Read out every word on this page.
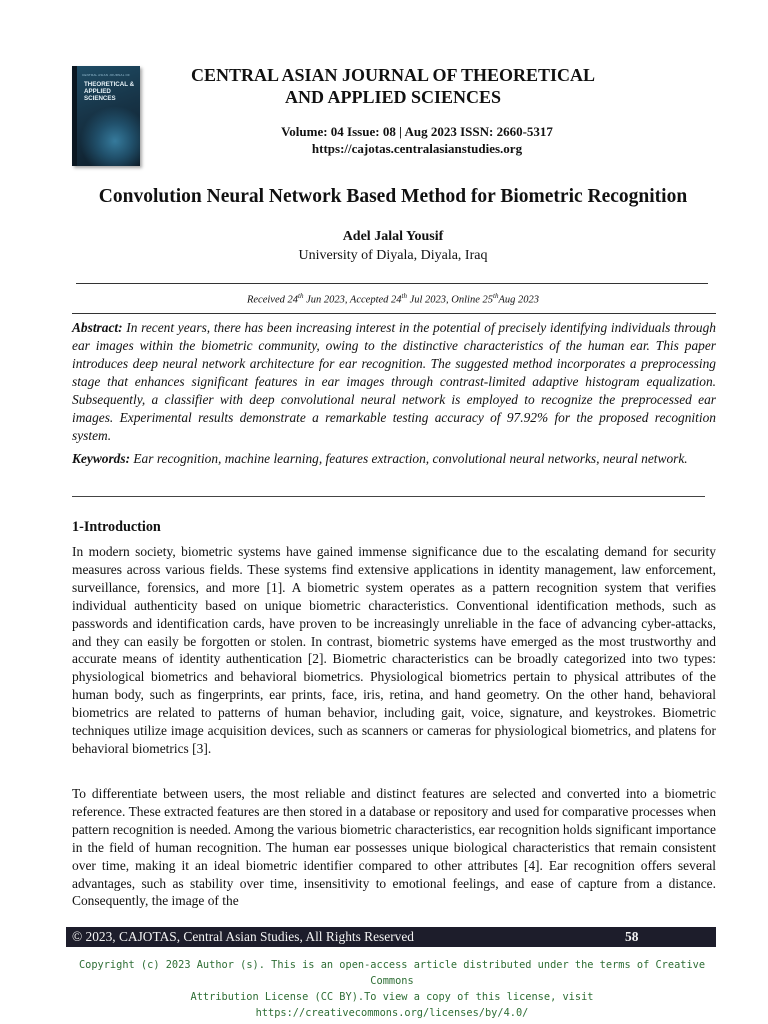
CENTRAL ASIAN JOURNAL OF
THEORETICAL & APPLIED SCIENCES
CENTRAL ASIAN JOURNAL OF THEORETICAL
AND APPLIED SCIENCES
Volume: 04 Issue: 08 | Aug 2023 ISSN: 2660-5317
https://cajotas.centralasianstudies.org
Convolution Neural Network Based Method for Biometric Recognition
Adel Jalal Yousif
University of Diyala, Diyala, Iraq
Received 24th Jun 2023, Accepted 24th Jul 2023, Online 25thAug 2023
Abstract: In recent years, there has been increasing interest in the potential of precisely identifying individuals through ear images within the biometric community, owing to the distinctive characteristics of the human ear. This paper introduces deep neural network architecture for ear recognition. The suggested method incorporates a preprocessing stage that enhances significant features in ear images through contrast-limited adaptive histogram equalization. Subsequently, a classifier with deep convolutional neural network is employed to recognize the preprocessed ear images. Experimental results demonstrate a remarkable testing accuracy of 97.92% for the proposed recognition system.
Keywords: Ear recognition, machine learning, features extraction, convolutional neural networks, neural network.
1-Introduction
In modern society, biometric systems have gained immense significance due to the escalating demand for security measures across various fields. These systems find extensive applications in identity management, law enforcement, surveillance, forensics, and more [1]. A biometric system operates as a pattern recognition system that verifies individual authenticity based on unique biometric characteristics. Conventional identification methods, such as passwords and identification cards, have proven to be increasingly unreliable in the face of advancing cyber-attacks, and they can easily be forgotten or stolen. In contrast, biometric systems have emerged as the most trustworthy and accurate means of identity authentication [2]. Biometric characteristics can be broadly categorized into two types: physiological biometrics and behavioral biometrics. Physiological biometrics pertain to physical attributes of the human body, such as fingerprints, ear prints, face, iris, retina, and hand geometry. On the other hand, behavioral biometrics are related to patterns of human behavior, including gait, voice, signature, and keystrokes. Biometric techniques utilize image acquisition devices, such as scanners or cameras for physiological biometrics, and platens for behavioral biometrics [3].
To differentiate between users, the most reliable and distinct features are selected and converted into a biometric reference. These extracted features are then stored in a database or repository and used for comparative processes when pattern recognition is needed. Among the various biometric characteristics, ear recognition holds significant importance in the field of human recognition. The human ear possesses unique biological characteristics that remain consistent over time, making it an ideal biometric identifier compared to other attributes [4]. Ear recognition offers several advantages, such as stability over time, insensitivity to emotional feelings, and ease of capture from a distance. Consequently, the image of the
© 2023, CAJOTAS, Central Asian Studies, All Rights Reserved	58
Copyright (c) 2023 Author (s). This is an open-access article distributed under the terms of Creative Commons
Attribution License (CC BY).To view a copy of this license, visit https://creativecommons.org/licenses/by/4.0/
